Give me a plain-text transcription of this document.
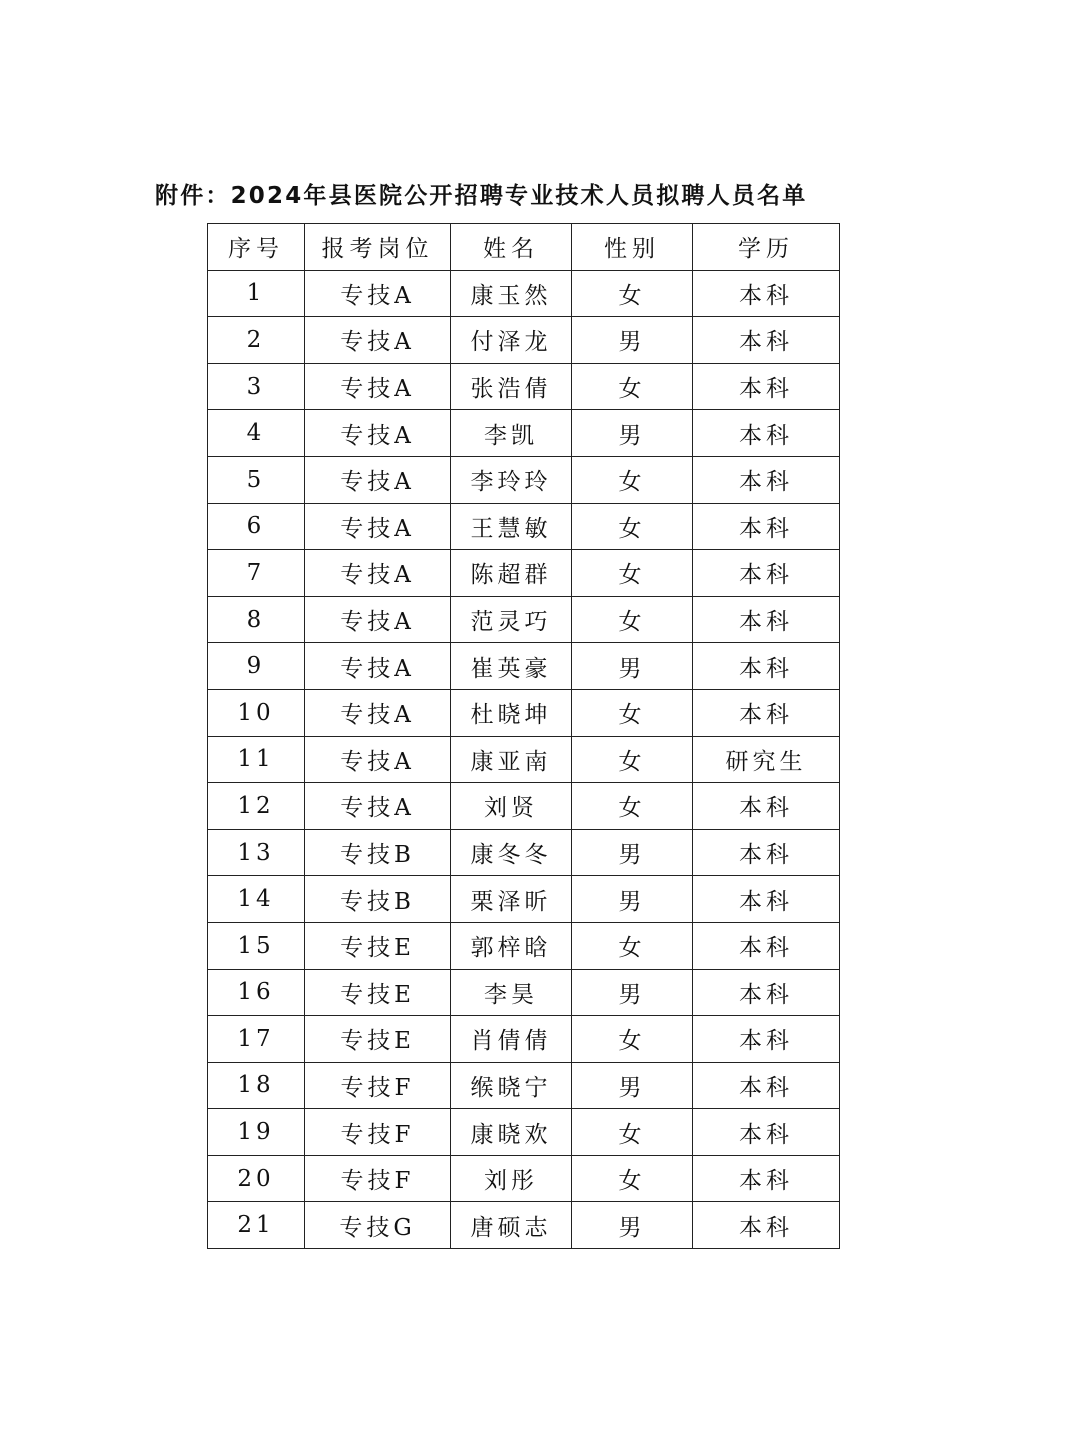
附件：2024年县医院公开招聘专业技术人员拟聘人员名单
序号	报考岗位	姓名	性别	学历
1	专技A	康玉然	女	本科
2	专技A	付泽龙	男	本科
3	专技A	张浩倩	女	本科
4	专技A	李凯	男	本科
5	专技A	李玲玲	女	本科
6	专技A	王慧敏	女	本科
7	专技A	陈超群	女	本科
8	专技A	范灵巧	女	本科
9	专技A	崔英豪	男	本科
10	专技A	杜晓坤	女	本科
11	专技A	康亚南	女	研究生
12	专技A	刘贤	女	本科
13	专技B	康冬冬	男	本科
14	专技B	栗泽昕	男	本科
15	专技E	郭梓晗	女	本科
16	专技E	李昊	男	本科
17	专技E	肖倩倩	女	本科
18	专技F	缑晓宁	男	本科
19	专技F	康晓欢	女	本科
20	专技F	刘彤	女	本科
21	专技G	唐硕志	男	本科
